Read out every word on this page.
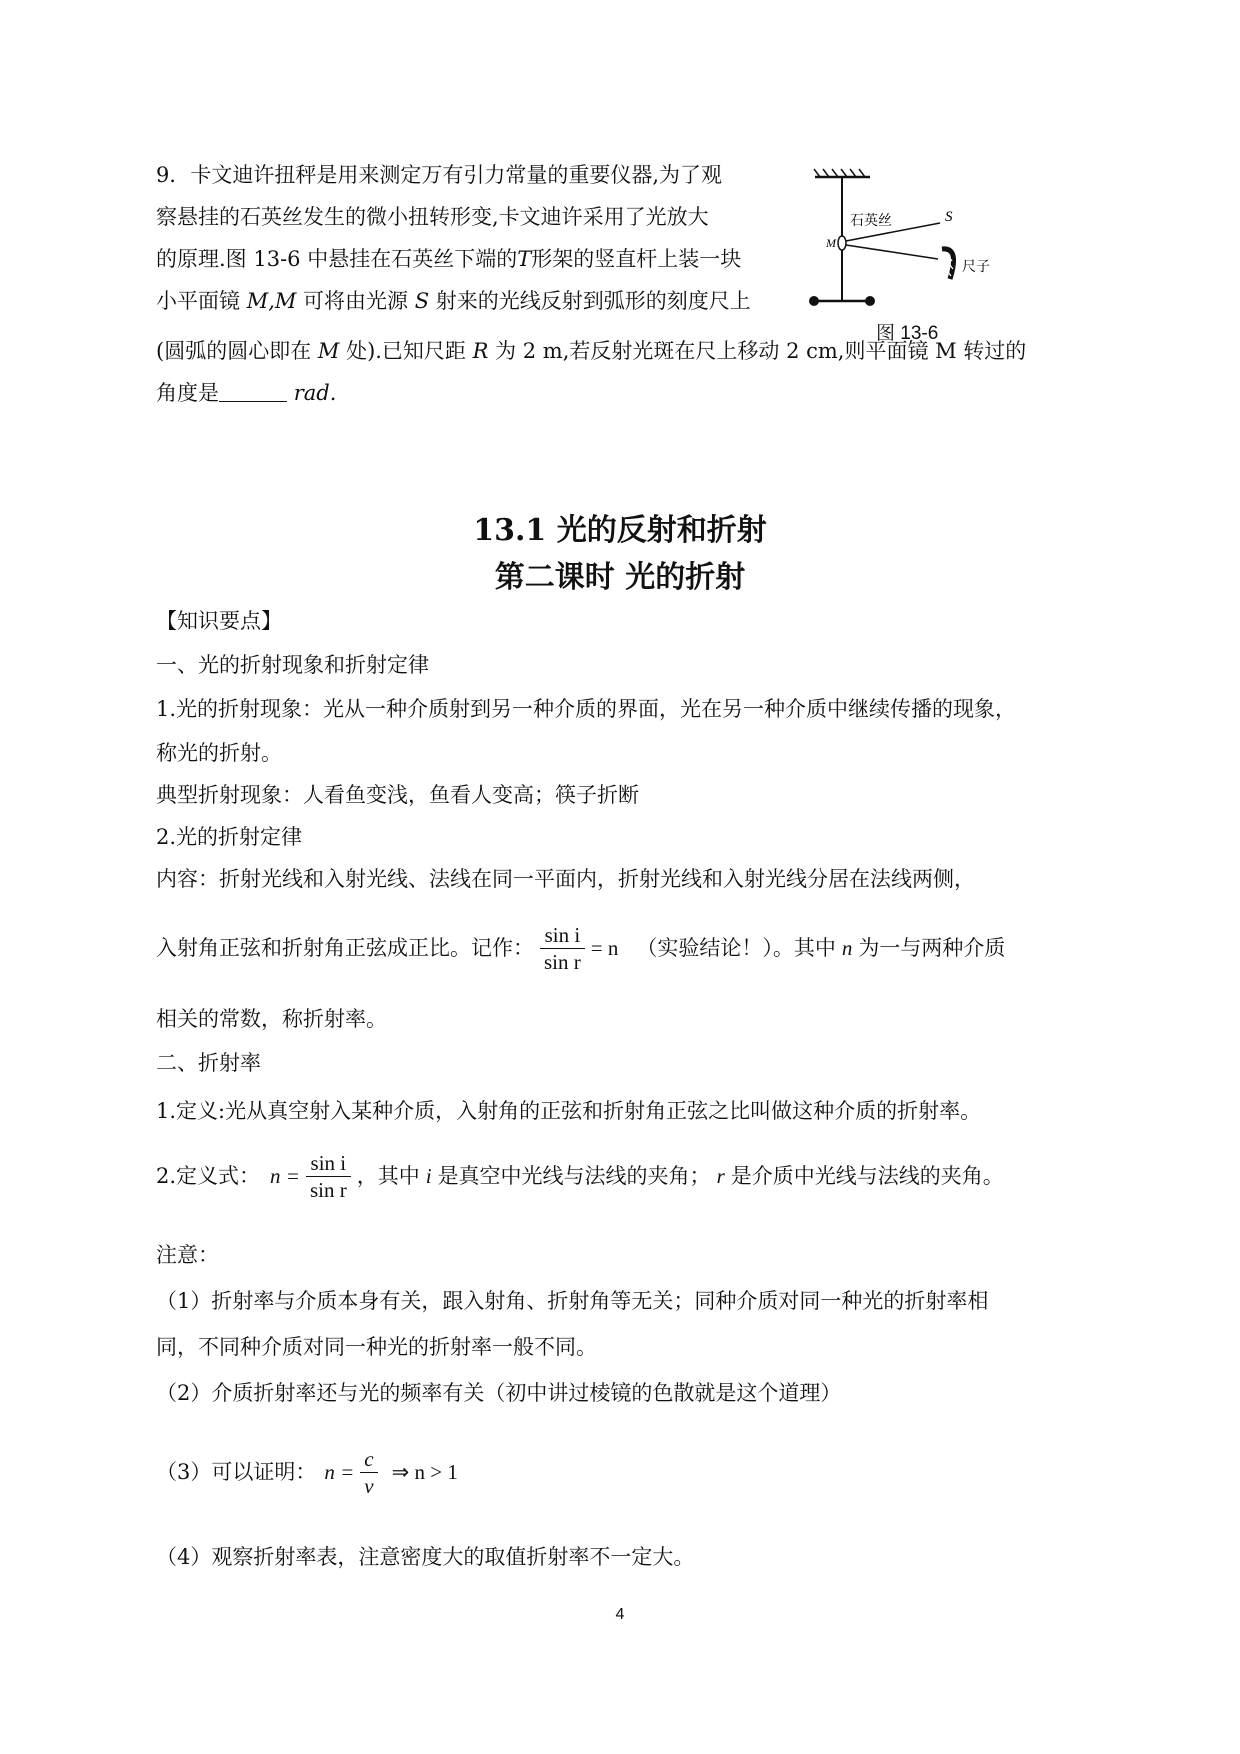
9．卡文迪许扭秤是用来测定万有引力常量的重要仪器,为了观
察悬挂的石英丝发生的微小扭转形变,卡文迪许采用了光放大
的原理.图 13-6 中悬挂在石英丝下端的T形架的竖直杆上装一块
小平面镜 M,M 可将由光源 S 射来的光线反射到弧形的刻度尺上
(圆弧的圆心即在 M 处).已知尺距 R 为 2 m,若反射光斑在尺上移动 2 cm,则平面镜 M 转过的
角度是	rad.
石英丝	S
M
尺子
图 13-6
13.1 光的反射和折射
第二课时 光的折射
【知识要点】
一、光的折射现象和折射定律
1.光的折射现象：光从一种介质射到另一种介质的界面，光在另一种介质中继续传播的现象，
称光的折射。
典型折射现象：人看鱼变浅，鱼看人变高；筷子折断
2.光的折射定律
内容：折射光线和入射光线、法线在同一平面内，折射光线和入射光线分居在法线两侧，
入射角正弦和折射角正弦成正比。记作： $\frac{\text{sin i}}{\text{sin r}} = n$ （实验结论！）。其中 n 为一与两种介质
相关的常数，称折射率。
二、折射率
1.定义:光从真空射入某种介质，入射角的正弦和折射角正弦之比叫做这种介质的折射率。
2.定义式： $n = \frac{\text{sin i}}{\text{sin r}}$ ，其中 i 是真空中光线与法线的夹角； r 是介质中光线与法线的夹角。
注意：
（1）折射率与介质本身有关，跟入射角、折射角等无关；同种介质对同一种光的折射率相
同，不同种介质对同一种光的折射率一般不同。
（2）介质折射率还与光的频率有关（初中讲过棱镜的色散就是这个道理）
（3）可以证明： $n = \frac{c}{v}$ ⇒ n > 1
（4）观察折射率表，注意密度大的取值折射率不一定大。
4
